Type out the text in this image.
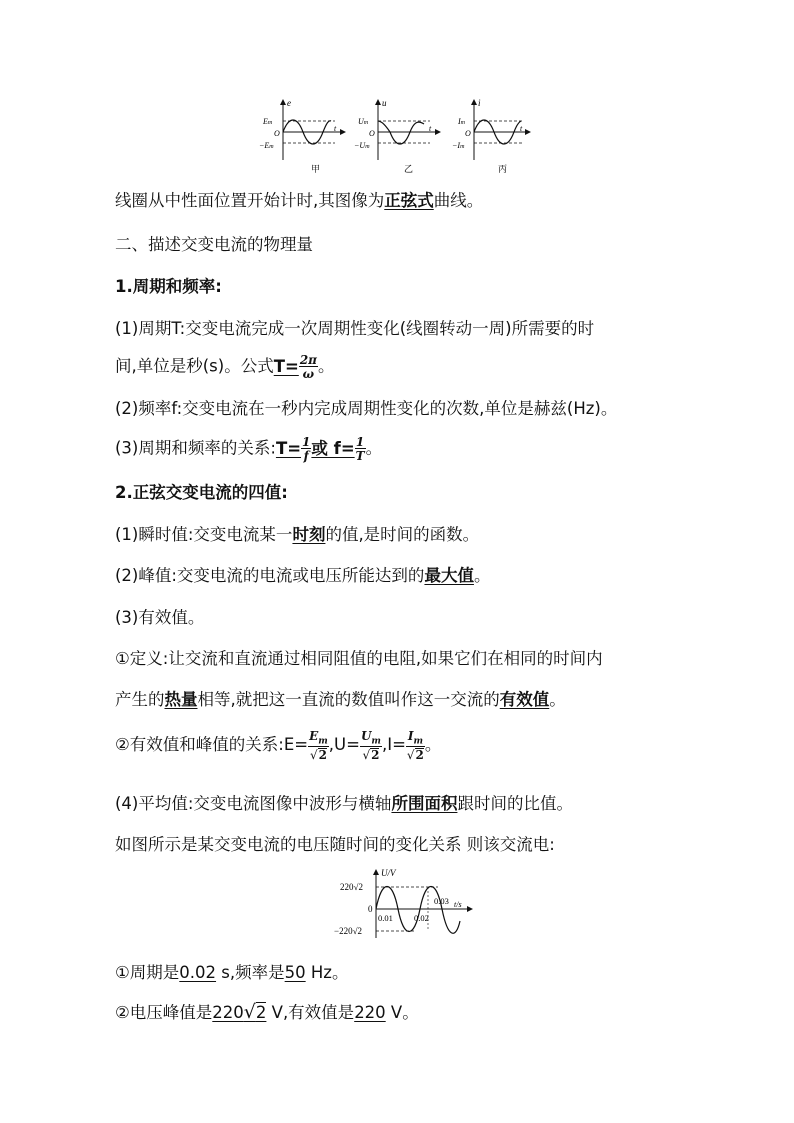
e
Em
O
−Em
t
甲
u
Um
O
−Um
t
乙
i
Im
O
−Im
t
丙
线圈从中性面位置开始计时,其图像为正弦式曲线。
二、描述交变电流的物理量
1.周期和频率:
(1)周期T:交变电流完成一次周期性变化(线圈转动一周)所需要的时
间,单位是秒(s)。公式$T= \frac{2\pi}{\omega}$ 。
(2)频率f:交变电流在一秒内完成周期性变化的次数,单位是赫兹(Hz)。
(3)周期和频率的关系:T= $\frac{1}{f}$ 或 $f= \frac{1}{T}$ 。
2.正弦交变电流的四值:
(1)瞬时值:交变电流某一时刻的值,是时间的函数。
(2)峰值:交变电流的电流或电压所能达到的最大值。
(3)有效值。
①定义:让交流和直流通过相同阻值的电阻,如果它们在相同的时间内
产生的热量相等,就把这一直流的数值叫作这一交流的有效值。
②有效值和峰值的关系:E= $\frac{E_m}{√2} ,U= \frac{U_m}{√2} ,I= \frac{I_m}{√2}$ 。
(4)平均值:交变电流图像中波形与横轴所围面积跟时间的比值。
如图所示是某交变电流的电压随时间的变化关系 则该交流电:
U/V
t/s
220√2
0
−220√2
0.01 0.02
0.03
①周期是0.02 s,频率是50 Hz。
②电压峰值是220√2 V,有效值是220 V。
